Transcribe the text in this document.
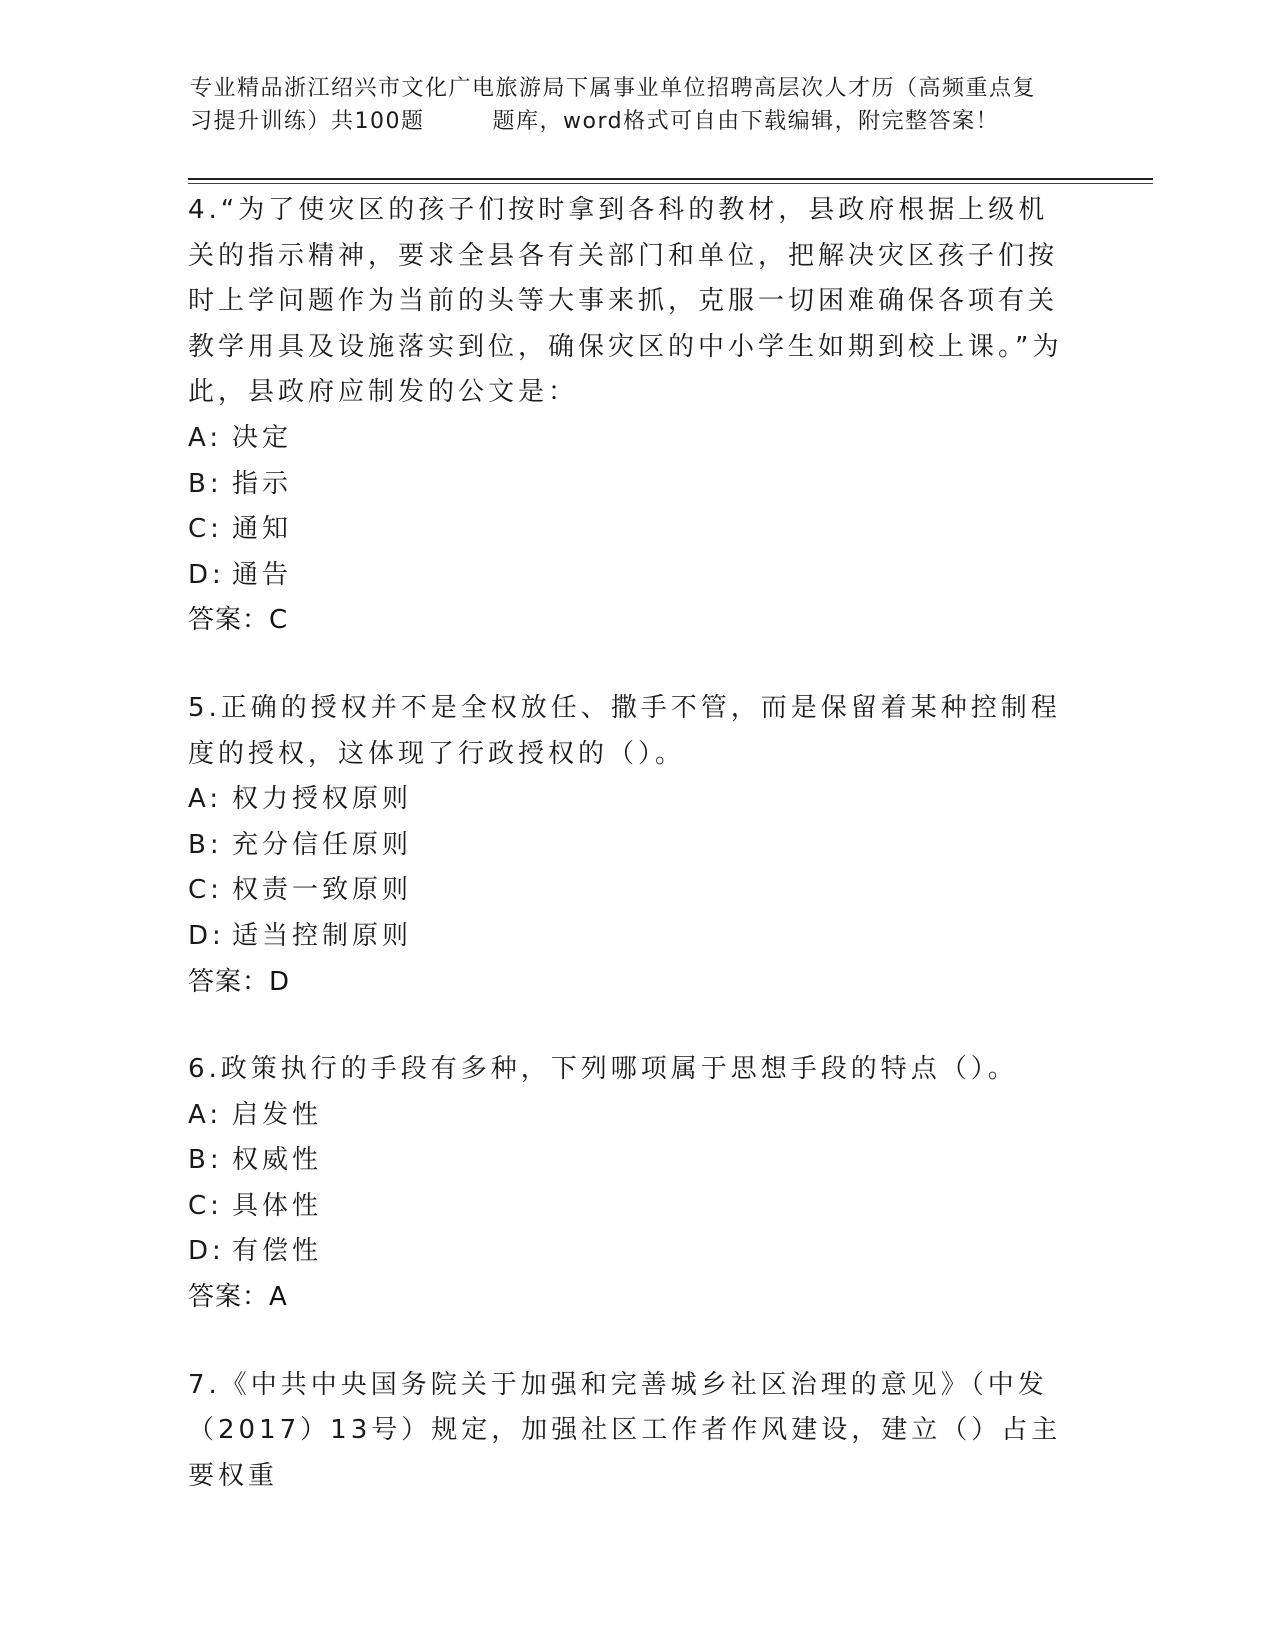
专业精品浙江绍兴市文化广电旅游局下属事业单位招聘高层次人才历（高频重点复
习提升训练）共100题	题库，word格式可自由下载编辑，附完整答案！

4.“为了使灾区的孩子们按时拿到各科的教材，县政府根据上级机关的指示精神，要求全县各有关部门和单位，把解决灾区孩子们按时上学问题作为当前的头等大事来抓，克服一切困难确保各项有关教学用具及设施落实到位，确保灾区的中小学生如期到校上课。”为此，县政府应制发的公文是：

A: 决定
B: 指示
C: 通知
D: 通告
答案：C

5.正确的授权并不是全权放任、撒手不管，而是保留着某种控制程度的授权，这体现了行政授权的（）。

A: 权力授权原则
B: 充分信任原则
C: 权责一致原则
D: 适当控制原则
答案：D

6.政策执行的手段有多种，下列哪项属于思想手段的特点（）。

A: 启发性
B: 权威性
C: 具体性
D: 有偿性
答案：A

7.《中共中央国务院关于加强和完善城乡社区治理的意见》（中发（2017）13号）规定，加强社区工作者作风建设，建立（）占主要权重
